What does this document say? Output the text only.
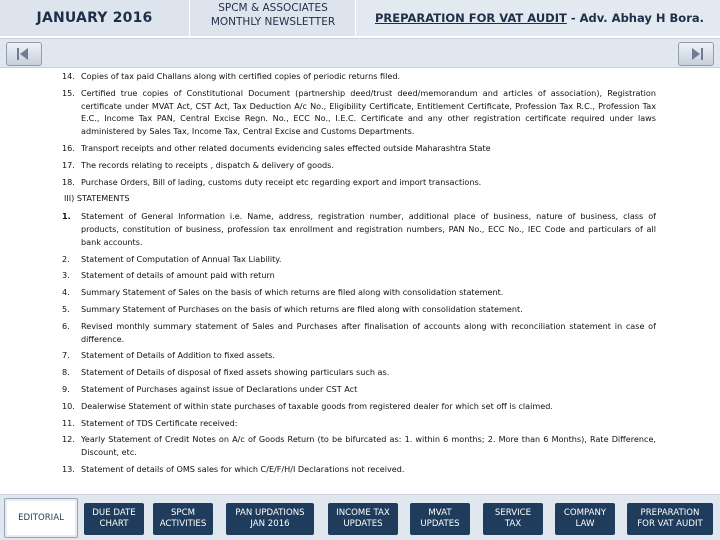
JANUARY 2016
SPCM & ASSOCIATES
MONTHLY NEWSLETTER	PREPARATION FOR VAT AUDIT - Adv. Abhay H Bora.
14. Copies of tax paid Challans along with certified copies of periodic returns filed.
15. Certified true copies of Constitutional Document (partnership deed/trust deed/memorandum and articles of association), Registration certificate under MVAT Act, CST Act, Tax Deduction A/c No., Eligibility Certificate, Entitlement Certificate, Profession Tax R.C., Profession Tax E.C., Income Tax PAN, Central Excise Regn. No., ECC No., I.E.C. Certificate and any other registration certificate required under laws administered by Sales Tax, Income Tax, Central Excise and Customs Departments.
16. Transport receipts and other related documents evidencing sales effected outside Maharashtra State
17. The records relating to receipts , dispatch & delivery of goods.
18. Purchase Orders, Bill of lading, customs duty receipt etc regarding export and import transactions.
III) STATEMENTS
1.	Statement of General Information i.e. Name, address, registration number, additional place of business, nature of business, class of products, constitution of business, profession tax enrollment and registration numbers, PAN No., ECC No., IEC Code and particulars of all bank accounts.
2.	Statement of Computation of Annual Tax Liability.
3.	Statement of details of amount paid with return
4.	Summary Statement of Sales on the basis of which returns are filed along with consolidation statement.
5.	Summary Statement of Purchases on the basis of which returns are filed along with consolidation statement.
6.	Revised monthly summary statement of Sales and Purchases after finalisation of accounts along with reconciliation statement in case of difference.
7.	Statement of Details of Addition to fixed assets.
8.	Statement of Details of disposal of fixed assets showing particulars such as.
9.	Statement of Purchases against issue of Declarations under CST Act
10. Dealerwise Statement of within state purchases of taxable goods from registered dealer for which set off is claimed.
11. Statement of TDS Certificate received:
12. Yearly Statement of Credit Notes on A/c of Goods Return (to be bifurcated as: 1. within 6 months; 2. More than 6 Months), Rate Difference, Discount, etc.
13. Statement of details of OMS sales for which C/E/F/H/I Declarations not received.
EDITORIAL	DUE DATE
CHART
SPCM
ACTIVITIES
PAN UPDATIONS
JAN 2016
INCOME TAX
UPDATES
MVAT
UPDATES
SERVICE
TAX
COMPANY
LAW
PREPARATION
FOR VAT AUDIT
